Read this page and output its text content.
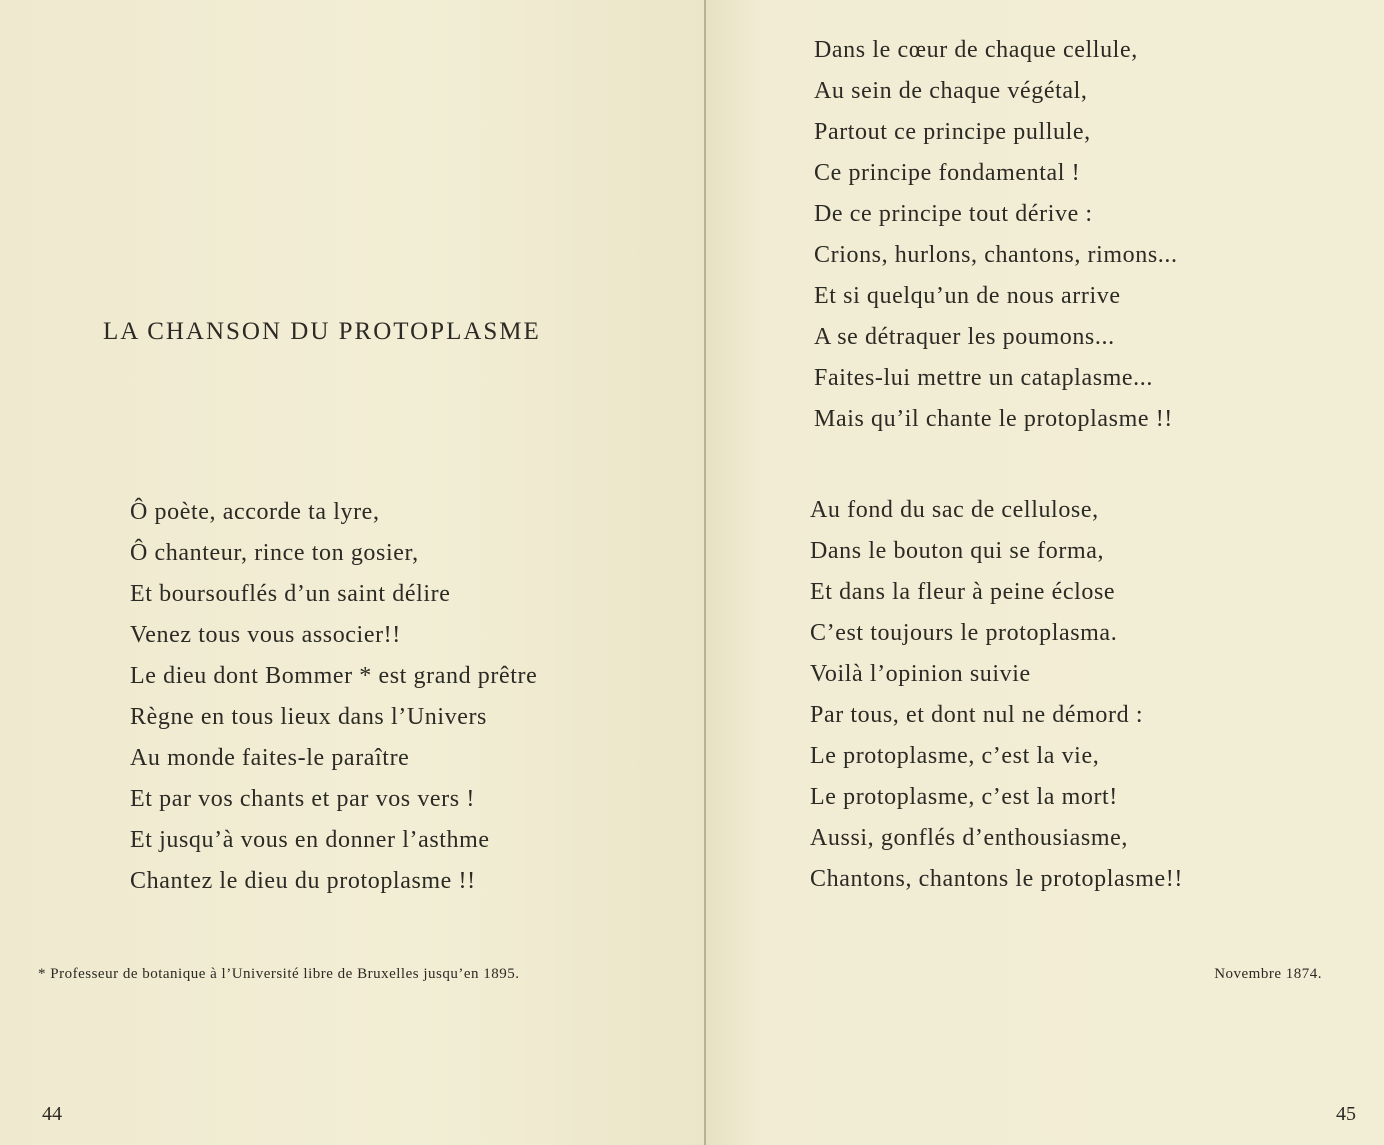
LA CHANSON DU PROTOPLASME
Ô poète, accorde ta lyre,
Ô chanteur, rince ton gosier,
Et boursouflés d’un saint délire
Venez tous vous associer!!
Le dieu dont Bommer * est grand prêtre
Règne en tous lieux dans l’Univers
Au monde faites-le paraître
Et par vos chants et par vos vers !
Et jusqu’à vous en donner l’asthme
Chantez le dieu du protoplasme !!

* Professeur de botanique à l’Université libre de Bruxelles jusqu’en 1895.

44

Dans le cœur de chaque cellule,
Au sein de chaque végétal,
Partout ce principe pullule,
Ce principe fondamental !
De ce principe tout dérive :
Crions, hurlons, chantons, rimons...
Et si quelqu’un de nous arrive
A se détraquer les poumons...
Faites-lui mettre un cataplasme...
Mais qu’il chante le protoplasme !!
Au fond du sac de cellulose,
Dans le bouton qui se forma,
Et dans la fleur à peine éclose
C’est toujours le protoplasma.
Voilà l’opinion suivie
Par tous, et dont nul ne démord :
Le protoplasme, c’est la vie,
Le protoplasme, c’est la mort!
Aussi, gonflés d’enthousiasme,
Chantons, chantons le protoplasme!!

Novembre 1874.

45
